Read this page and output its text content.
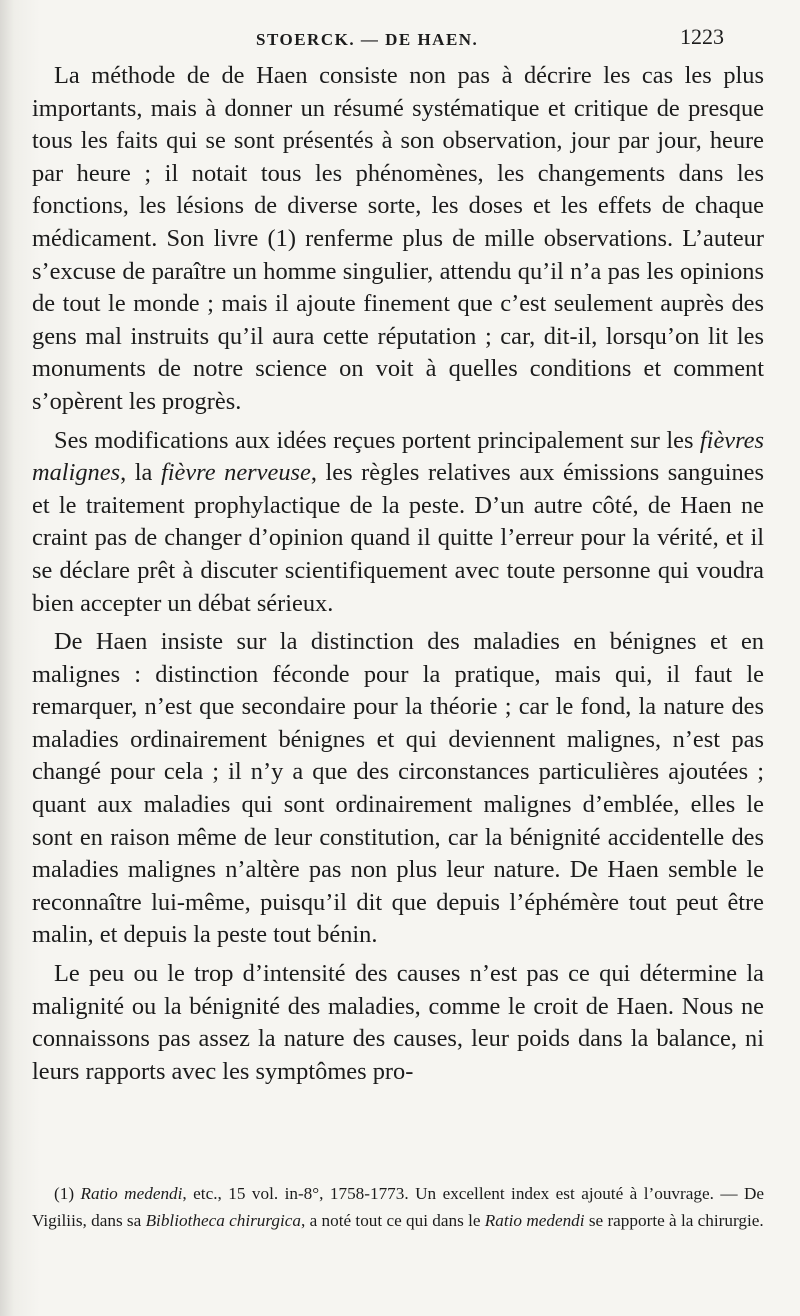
STOERCK. — DE HAEN.	1223

La méthode de de Haen consiste non pas à décrire les cas les plus importants, mais à donner un résumé systématique et critique de presque tous les faits qui se sont présentés à son observation, jour par jour, heure par heure ; il notait tous les phénomènes, les changements dans les fonctions, les lésions de diverse sorte, les doses et les effets de chaque médicament. Son livre (1) renferme plus de mille observations. L’auteur s’excuse de paraître un homme singulier, attendu qu’il n’a pas les opinions de tout le monde ; mais il ajoute finement que c’est seulement auprès des gens mal instruits qu’il aura cette réputation ; car, dit-il, lorsqu’on lit les monuments de notre science on voit à quelles conditions et comment s’opèrent les progrès.

Ses modifications aux idées reçues portent principalement sur les fièvres malignes, la fièvre nerveuse, les règles relatives aux émissions sanguines et le traitement prophylactique de la peste. D’un autre côté, de Haen ne craint pas de changer d’opinion quand il quitte l’erreur pour la vérité, et il se déclare prêt à discuter scientifiquement avec toute personne qui voudra bien accepter un débat sérieux.

De Haen insiste sur la distinction des maladies en bénignes et en malignes : distinction féconde pour la pratique, mais qui, il faut le remarquer, n’est que secondaire pour la théorie ; car le fond, la nature des maladies ordinairement bénignes et qui deviennent malignes, n’est pas changé pour cela ; il n’y a que des circonstances particulières ajoutées ; quant aux maladies qui sont ordinairement malignes d’emblée, elles le sont en raison même de leur constitution, car la bénignité accidentelle des maladies malignes n’altère pas non plus leur nature. De Haen semble le reconnaître lui-même, puisqu’il dit que depuis l’éphémère tout peut être malin, et depuis la peste tout bénin.

Le peu ou le trop d’intensité des causes n’est pas ce qui détermine la malignité ou la bénignité des maladies, comme le croit de Haen. Nous ne connaissons pas assez la nature des causes, leur poids dans la balance, ni leurs rapports avec les symptômes pro-

(1) Ratio medendi, etc., 15 vol. in-8°, 1758-1773. Un excellent index est ajouté à l’ouvrage. — De Vigiliis, dans sa Bibliotheca chirurgica, a noté tout ce qui dans le Ratio medendi se rapporte à la chirurgie.
